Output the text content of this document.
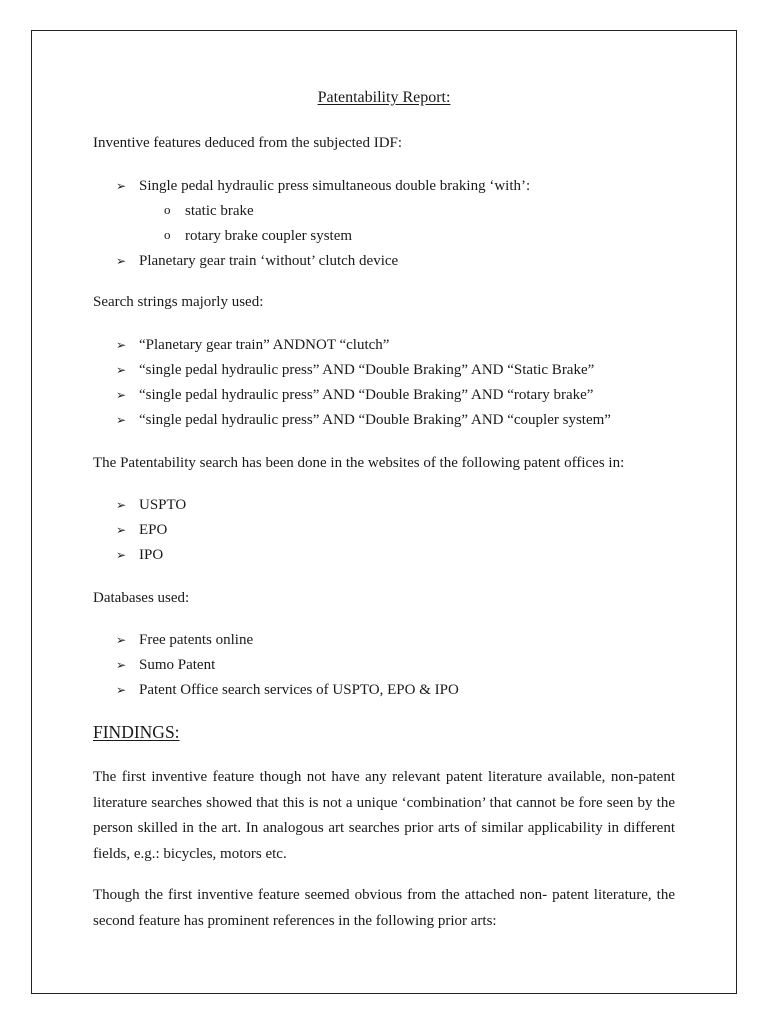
Patentability Report:
Inventive features deduced from the subjected IDF:
➢ Single pedal hydraulic press simultaneous double braking ‘with’:
o static brake
o rotary brake coupler system
➢ Planetary gear train ‘without’ clutch device
Search strings majorly used:
➢ “Planetary gear train” ANDNOT “clutch”
➢ “single pedal hydraulic press” AND “Double Braking” AND “Static Brake”
➢ “single pedal hydraulic press” AND “Double Braking” AND “rotary brake”
➢ “single pedal hydraulic press” AND “Double Braking” AND “coupler system”
The Patentability search has been done in the websites of the following patent offices in:
➢ USPTO
➢ EPO
➢ IPO
Databases used:
➢ Free patents online
➢ Sumo Patent
➢ Patent Office search services of USPTO, EPO & IPO
FINDINGS:
The first inventive feature though not have any relevant patent literature available, non-patent literature searches showed that this is not a unique ‘combination’ that cannot be fore seen by the person skilled in the art. In analogous art searches prior arts of similar applicability in different fields, e.g.: bicycles, motors etc.
Though the first inventive feature seemed obvious from the attached non- patent literature, the second feature has prominent references in the following prior arts:
